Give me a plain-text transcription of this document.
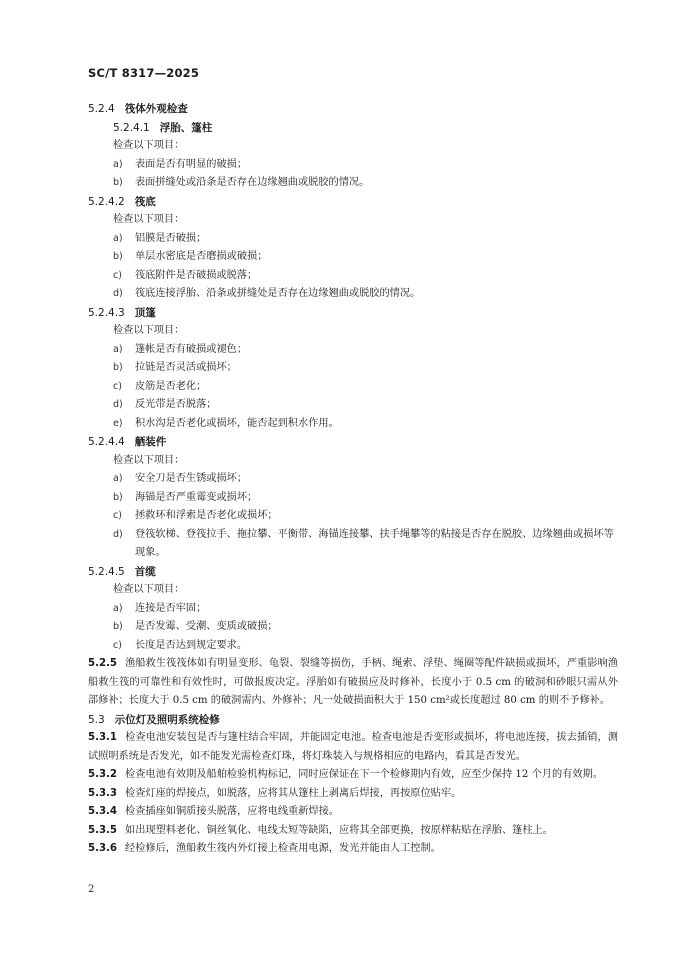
SC/T 8317—2025
5.2.4 筏体外观检查
5.2.4.1 浮胎、篷柱
检查以下项目：
a)	表面是否有明显的破损；
b)	表面拼缝处或沿条是否存在边缘翘曲或脱胶的情况。
5.2.4.2 筏底
检查以下项目：
a)	铝膜是否破损；
b)	单层水密底是否磨损或破损；
c)	筏底附件是否破损或脱落；
d)	筏底连接浮胎、沿条或拼缝处是否存在边缘翘曲或脱胶的情况。
5.2.4.3 顶篷
检查以下项目：
a)	篷帐是否有破损或褪色；
b)	拉链是否灵活或损坏；
c)	皮筋是否老化；
d)	反光带是否脱落；
e)	积水沟是否老化或损坏，能否起到积水作用。
5.2.4.4 舾装件
检查以下项目：
a)	安全刀是否生锈或损坏；
b)	海锚是否严重霉变或损坏；
c)	拯救环和浮索是否老化或损坏；
d)	登筏软梯、登筏拉手、拖拉攀、平衡带、海锚连接攀、扶手绳攀等的粘接是否存在脱胶、边缘翘曲或损坏等现象。
5.2.4.5 首缆
检查以下项目：
a)	连接是否牢固；
b)	是否发霉、受潮、变质或破损；
c)	长度是否达到规定要求。

5.2.5 渔船救生筏筏体如有明显变形、龟裂、裂缝等损伤，手柄、绳索、浮垫、绳圈等配件缺损或损坏，严重影响渔船救生筏的可靠性和有效性时，可做报废决定。浮胎如有破损应及时修补，长度小于 0.5 cm 的破洞和砂眼只需从外部修补；长度大于 0.5 cm 的破洞需内、外修补；凡一处破损面积大于 150 cm²或长度超过 80 cm 的则不予修补。

5.3 示位灯及照明系统检修

5.3.1 检查电池安装包是否与篷柱结合牢固，并能固定电池。检查电池是否变形或损坏，将电池连接，拔去插销，测试照明系统是否发光，如不能发光需检查灯珠，将灯珠装入与规格相应的电路内，看其是否发光。

5.3.2 检查电池有效期及船舶检验机构标记，同时应保证在下一个检修期内有效，应至少保持 12 个月的有效期。

5.3.3 检查灯座的焊接点，如脱落，应将其从篷柱上剥离后焊接，再按原位贴牢。

5.3.4 检查插座如铜质接头脱落，应将电线重新焊接。

5.3.5 如出现塑料老化、铜丝氧化、电线太短等缺陷，应将其全部更换，按原样粘贴在浮胎、篷柱上。

5.3.6 经检修后，渔船救生筏内外灯接上检查用电源，发光并能由人工控制。

2
